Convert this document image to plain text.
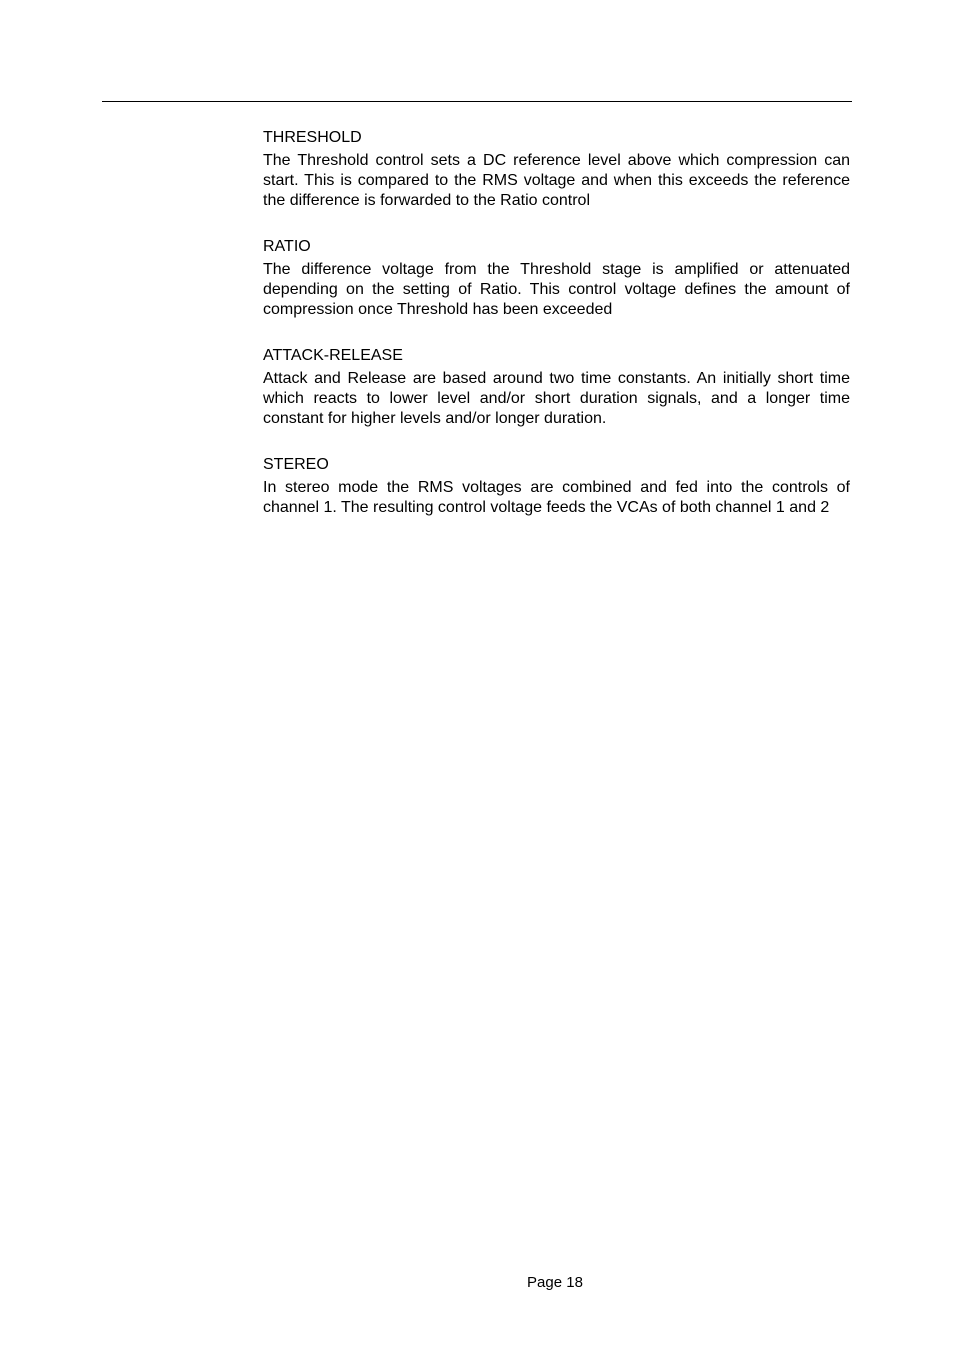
THRESHOLD

The Threshold control sets a DC reference level above which compression can start. This is compared to the RMS voltage and when this exceeds the reference the difference is forwarded to the Ratio control

RATIO

The difference voltage from the Threshold stage is amplified or attenuated depending on the setting of Ratio. This control voltage defines the amount of compression once Threshold has been exceeded

ATTACK-RELEASE

Attack and Release are based around two time constants. An initially short time which reacts to lower level and/or short duration signals, and a longer time constant for higher levels and/or longer duration.

STEREO

In stereo mode the RMS voltages are combined and fed into the controls of channel 1. The resulting control voltage feeds the VCAs of both channel 1 and 2

Page 18
